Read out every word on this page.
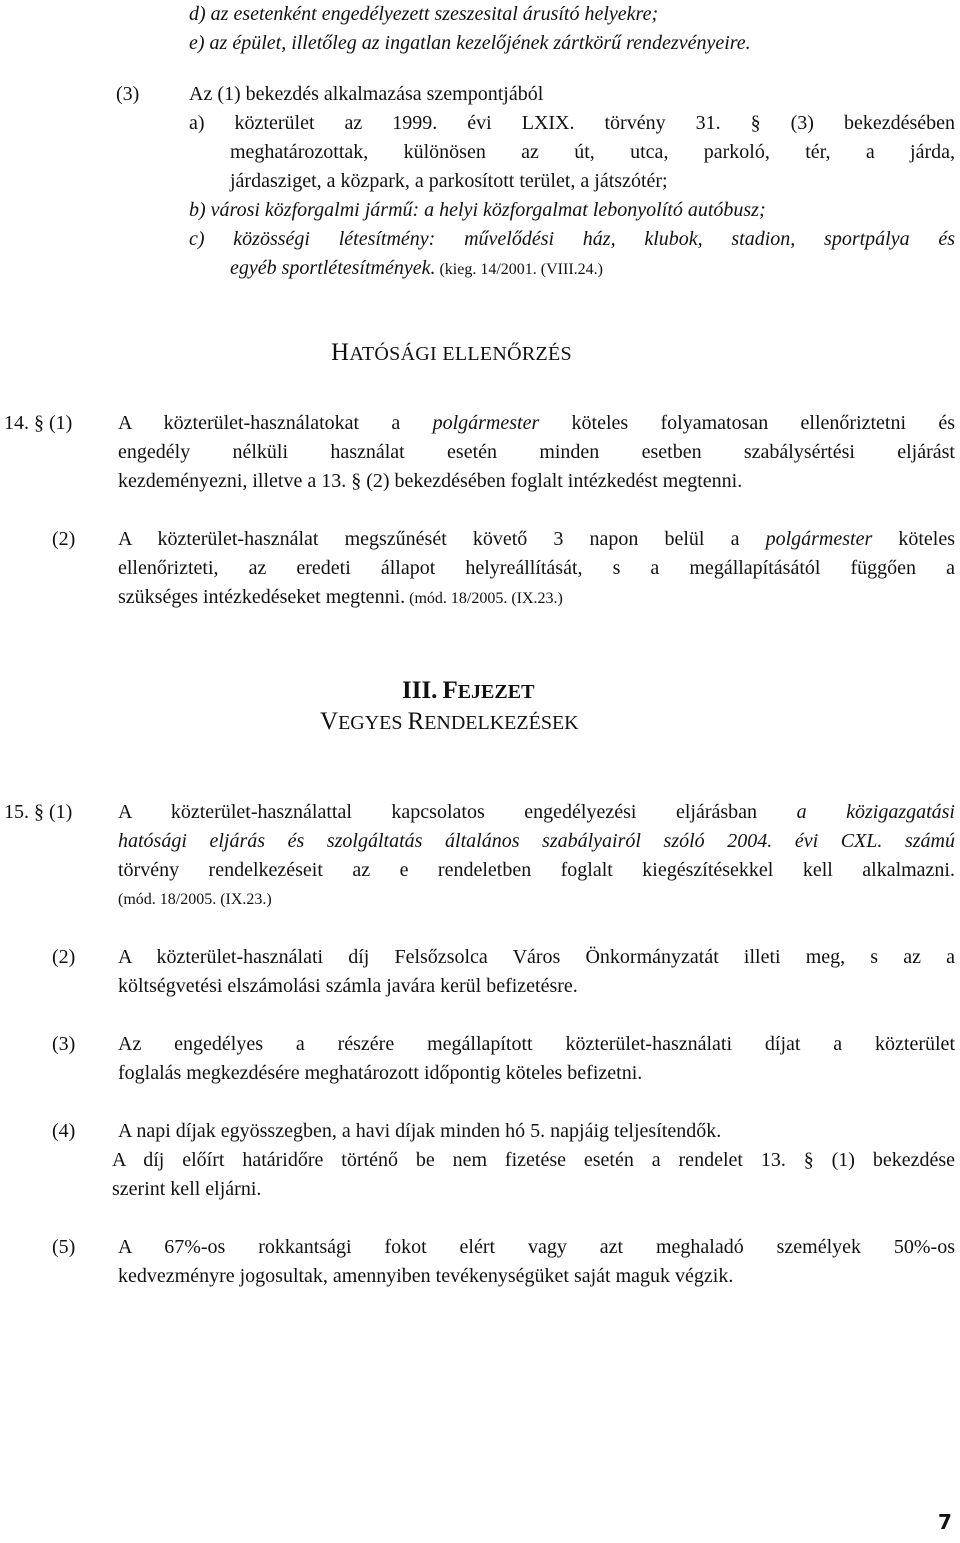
d) az esetenként engedélyezett szeszesital árusító helyekre;
e) az épület, illetőleg az ingatlan kezelőjének zártkörű rendezvényeire.
(3) Az (1) bekezdés alkalmazása szempontjából
a) közterület az 1999. évi LXIX. törvény 31. § (3) bekezdésében
meghatározottak, különösen az út, utca, parkoló, tér, a járda,
járdasziget, a közpark, a parkosított terület, a játszótér;
b) városi közforgalmi jármű: a helyi közforgalmat lebonyolító autóbusz;
c) közösségi létesítmény: művelődési ház, klubok, stadion, sportpálya és
egyéb sportlétesítmények. (kieg. 14/2001. (VIII.24.)
HATÓSÁGI ELLENŐRZÉS
14. § (1) A közterület-használatokat a polgármester köteles folyamatosan ellenőriztetni és
engedély nélküli használat esetén minden esetben szabálysértési eljárást
kezdeményezni, illetve a 13. § (2) bekezdésében foglalt intézkedést megtenni.
(2) A közterület-használat megszűnését követő 3 napon belül a polgármester köteles
ellenőrizteti, az eredeti állapot helyreállítását, s a megállapításától függően a
szükséges intézkedéseket megtenni. (mód. 18/2005. (IX.23.)
III. FEJEZET
VEGYES RENDELKEZÉSEK
15. § (1) A közterület-használattal kapcsolatos engedélyezési eljárásban a közigazgatási
hatósági eljárás és szolgáltatás általános szabályairól szóló 2004. évi CXL. számú
törvény rendelkezéseit az e rendeletben foglalt kiegészítésekkel kell alkalmazni.
(mód. 18/2005. (IX.23.)
(2) A közterület-használati díj Felsőzsolca Város Önkormányzatát illeti meg, s az a
költségvetési elszámolási számla javára kerül befizetésre.
(3) Az engedélyes a részére megállapított közterület-használati díjat a közterület
foglalás megkezdésére meghatározott időpontig köteles befizetni.
(4) A napi díjak egyösszegben, a havi díjak minden hó 5. napjáig teljesítendők.
A díj előírt határidőre történő be nem fizetése esetén a rendelet 13. § (1) bekezdése
szerint kell eljárni.
(5) A 67%-os rokkantsági fokot elért vagy azt meghaladó személyek 50%-os
kedvezményre jogosultak, amennyiben tevékenységüket saját maguk végzik.
7
